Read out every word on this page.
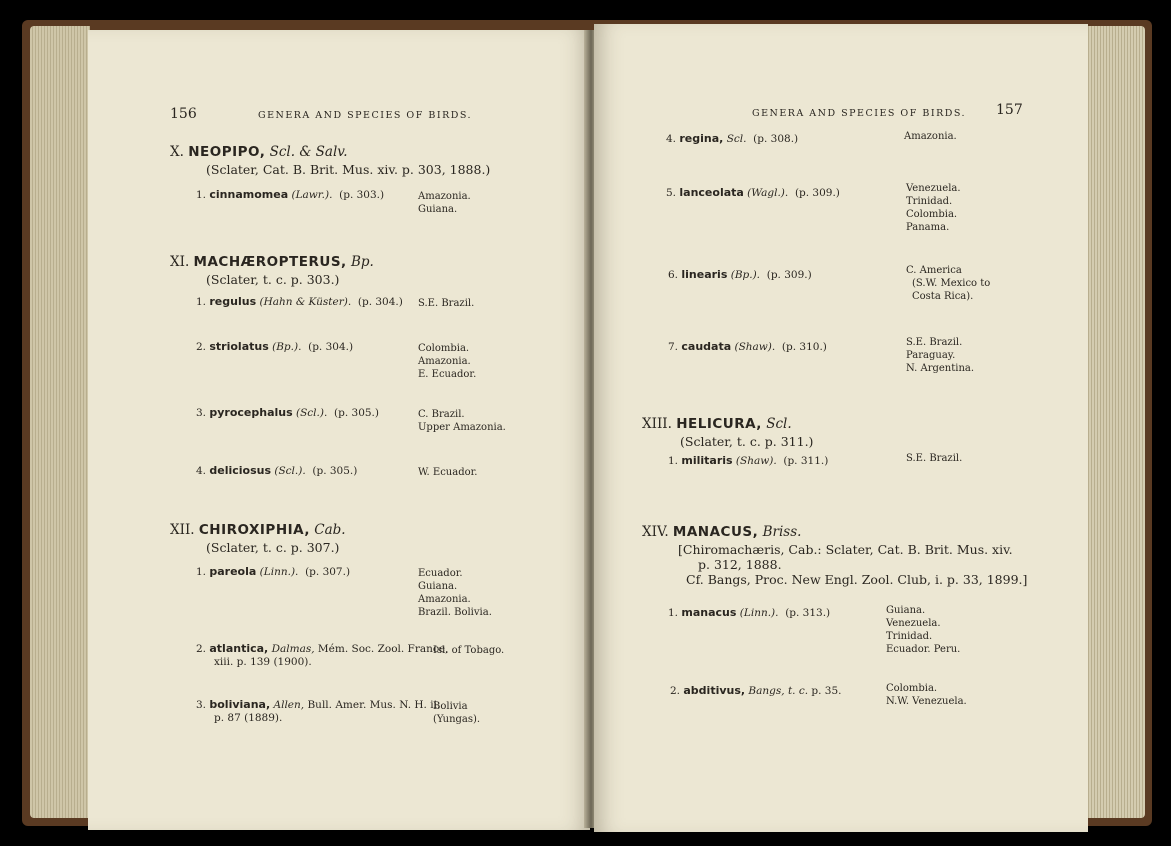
156	GENERA AND SPECIES OF BIRDS.
X. NEOPIPO, Scl. & Salv.
(Sclater, Cat. B. Brit. Mus. xiv. p. 303, 1888.)
1. cinnamomea (Lawr.). (p. 303.)	Amazonia.
Guiana.
XI. MACHÆROPTERUS, Bp.
(Sclater, t. c. p. 303.)
1. regulus (Hahn & Küster). (p. 304.) S.E. Brazil.
2. striolatus (Bp.). (p. 304.)	Colombia.
Amazonia.
E. Ecuador.
3. pyrocephalus (Scl.). (p. 305.)	C. Brazil.
Upper Amazonia.
4. deliciosus (Scl.). (p. 305.)	W. Ecuador.
XII. CHIROXIPHIA, Cab.
(Sclater, t. c. p. 307.)
1. pareola (Linn.). (p. 307.)	Ecuador.
Guiana.
Amazonia.
Brazil. Bolivia.
2. atlantica, Dalmas, Mém. Soc. Zool. France,
xiii. p. 139 (1900).
Isl. of Tobago.
3. boliviana, Allen, Bull. Amer. Mus. N. H. ii.
p. 87 (1889).
Bolivia
(Yungas).
GENERA AND SPECIES OF BIRDS. 157
4. regina, Scl. (p. 308.)	Amazonia.
5. lanceolata (Wagl.). (p. 309.)	Venezuela.
Trinidad.
Colombia.
Panama.
6. linearis (Bp.). (p. 309.)	C. America
(S.W. Mexico to
Costa Rica).
7. caudata (Shaw). (p. 310.)	S.E. Brazil.
Paraguay.
N. Argentina.
XIII. HELICURA, Scl.
(Sclater, t. c. p. 311.)
1. militaris (Shaw). (p. 311.)	S.E. Brazil.
XIV. MANACUS, Briss.
[Chiromachæris, Cab.: Sclater, Cat. B. Brit. Mus. xiv.
p. 312, 1888.
Cf. Bangs, Proc. New Engl. Zool. Club, i. p. 33, 1899.]
1. manacus (Linn.). (p. 313.)	Guiana.
Venezuela.
Trinidad.
Ecuador. Peru.
2. abditivus, Bangs, t. c. p. 35.	Colombia.
N.W. Venezuela.
